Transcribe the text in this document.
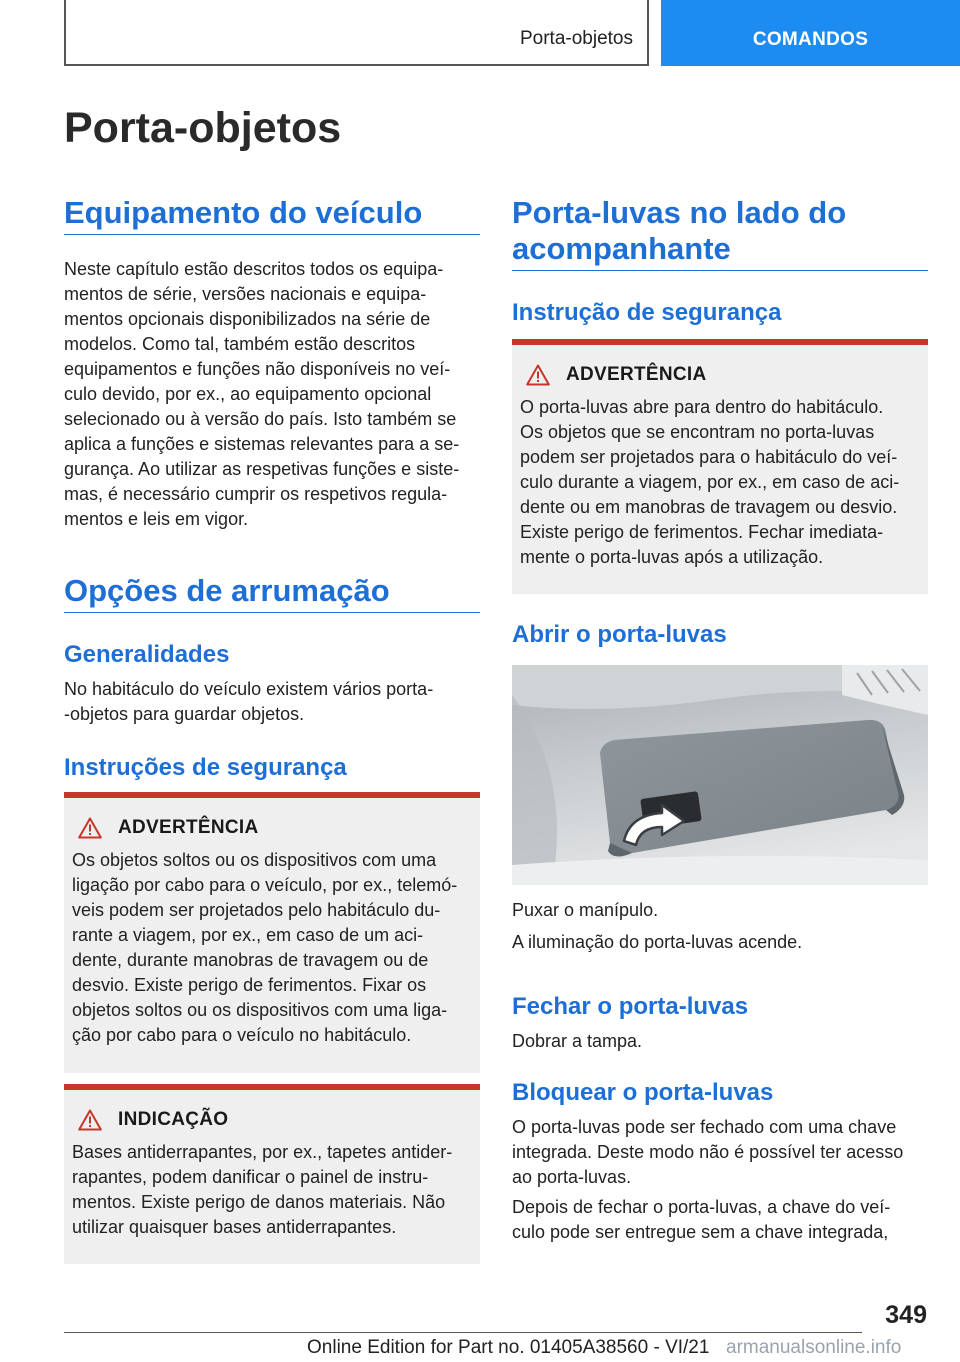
Porta-objetos	COMANDOS
Porta-objetos
Equipamento do veículo
Neste capítulo estão descritos todos os equipa-
mentos de série, versões nacionais e equipa-
mentos opcionais disponibilizados na série de
modelos. Como tal, também estão descritos
equipamentos e funções não disponíveis no veí-
culo devido, por ex., ao equipamento opcional
selecionado ou à versão do país. Isto também se
aplica a funções e sistemas relevantes para a se-
gurança. Ao utilizar as respetivas funções e siste-
mas, é necessário cumprir os respetivos regula-
mentos e leis em vigor.
Opções de arrumação
Generalidades
No habitáculo do veículo existem vários porta-
-objetos para guardar objetos.
Instruções de segurança
ADVERTÊNCIA
Os objetos soltos ou os dispositivos com uma
ligação por cabo para o veículo, por ex., telemó-
veis podem ser projetados pelo habitáculo du-
rante a viagem, por ex., em caso de um aci-
dente, durante manobras de travagem ou de
desvio. Existe perigo de ferimentos. Fixar os
objetos soltos ou os dispositivos com uma liga-
ção por cabo para o veículo no habitáculo.
INDICAÇÃO
Bases antiderrapantes, por ex., tapetes antider-
rapantes, podem danificar o painel de instru-
mentos. Existe perigo de danos materiais. Não
utilizar quaisquer bases antiderrapantes.
Porta-luvas no lado do
acompanhante
Instrução de segurança
ADVERTÊNCIA
O porta-luvas abre para dentro do habitáculo.
Os objetos que se encontram no porta-luvas
podem ser projetados para o habitáculo do veí-
culo durante a viagem, por ex., em caso de aci-
dente ou em manobras de travagem ou desvio.
Existe perigo de ferimentos. Fechar imediata-
mente o porta-luvas após a utilização.
Abrir o porta-luvas
Puxar o manípulo.
A iluminação do porta-luvas acende.
Fechar o porta-luvas
Dobrar a tampa.
Bloquear o porta-luvas
O porta-luvas pode ser fechado com uma chave
integrada. Deste modo não é possível ter acesso
ao porta-luvas.
Depois de fechar o porta-luvas, a chave do veí-
culo pode ser entregue sem a chave integrada,
349
Online Edition for Part no. 01405A38560 - VI/21 armanualsonline.info
